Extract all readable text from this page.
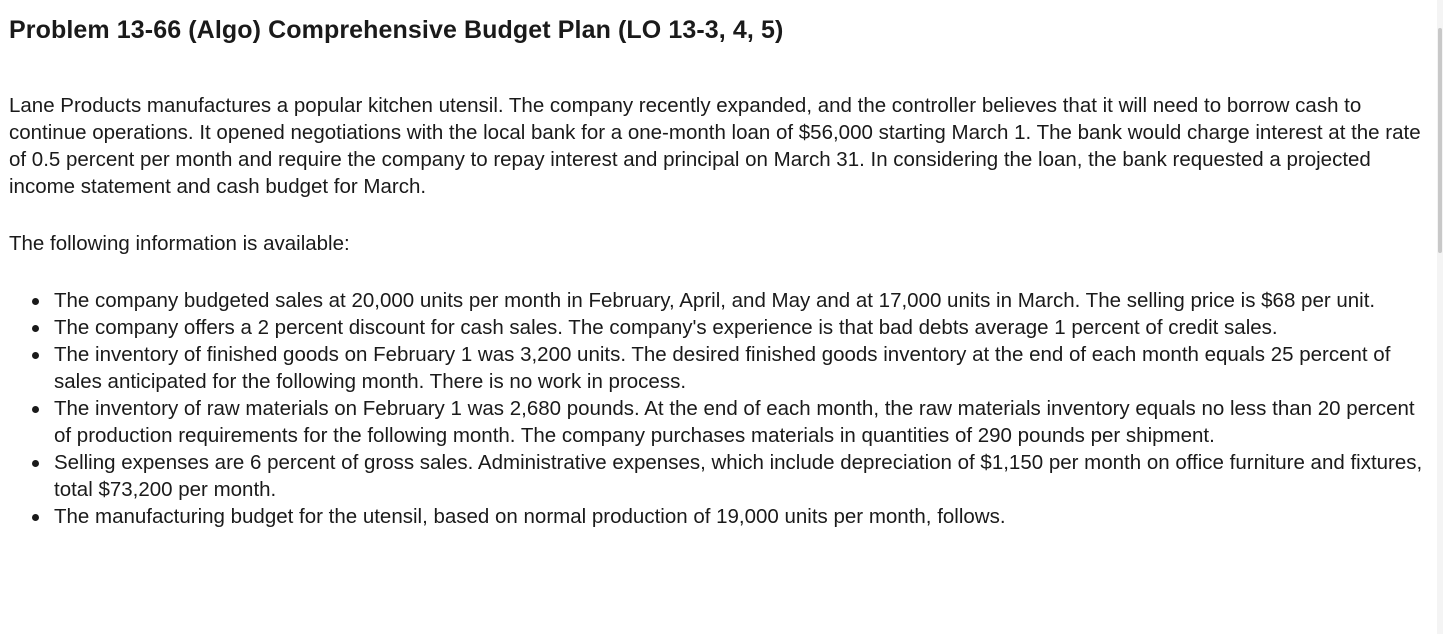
Problem 13-66 (Algo) Comprehensive Budget Plan (LO 13-3, 4, 5)

Lane Products manufactures a popular kitchen utensil. The company recently expanded, and the controller believes that it will need to borrow cash to continue operations. It opened negotiations with the local bank for a one-month loan of $56,000 starting March 1. The bank would charge interest at the rate of 0.5 percent per month and require the company to repay interest and principal on March 31. In considering the loan, the bank requested a projected income statement and cash budget for March.

The following information is available:

The company budgeted sales at 20,000 units per month in February, April, and May and at 17,000 units in March. The selling price is $68 per unit.
The company offers a 2 percent discount for cash sales. The company's experience is that bad debts average 1 percent of credit sales.
The inventory of finished goods on February 1 was 3,200 units. The desired finished goods inventory at the end of each month equals 25 percent of sales anticipated for the following month. There is no work in process.
The inventory of raw materials on February 1 was 2,680 pounds. At the end of each month, the raw materials inventory equals no less than 20 percent of production requirements for the following month. The company purchases materials in quantities of 290 pounds per shipment.
Selling expenses are 6 percent of gross sales. Administrative expenses, which include depreciation of $1,150 per month on office furniture and fixtures, total $73,200 per month.
The manufacturing budget for the utensil, based on normal production of 19,000 units per month, follows.
